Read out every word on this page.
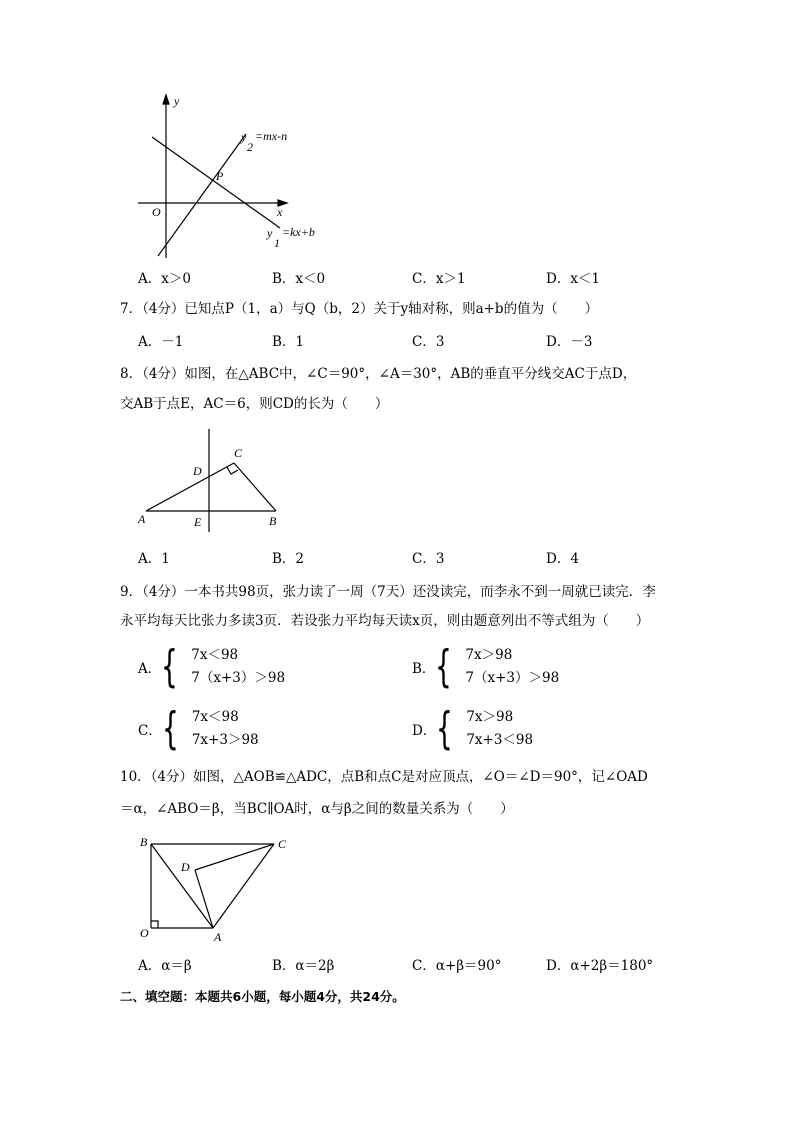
y
x
O
P
y
2
=mx-n
y
1
=kx+b
A．x＞0	B．x＜0	C．x＞1	D．x＜1
7．（4分）已知点P（1，a）与Q（b，2）关于y轴对称，则a+b的值为（　　）
A．－1	B．1	C．3	D．－3
8．（4分）如图，在△ABC中，∠C＝90°，∠A＝30°，AB的垂直平分线交AC于点D，
交AB于点E，AC＝6，则CD的长为（　　）
A	B
C
D
E
A．1	B．2	C．3	D．4
9．（4分）一本书共98页，张力读了一周（7天）还没读完，而李永不到一周就已读完．李
永平均每天比张力多读3页．若设张力平均每天读x页，则由题意列出不等式组为（　　）
A． { 7x＜98
7（x+3）＞98
B． { 7x＞98
7（x+3）＞98
C． { 7x＜98
7x+3＞98
D． { 7x＞98
7x+3＜98
10．（4分）如图，△AOB≌△ADC，点B和点C是对应顶点，∠O＝∠D＝90°，记∠OAD
＝α，∠ABO＝β，当BC∥OA时，α与β之间的数量关系为（　　）
B	C
D
O	A
A．α＝β	B．α＝2β	C．α+β＝90°	D．α+2β＝180°
二、填空题：本题共6小题，每小题4分，共24分。
